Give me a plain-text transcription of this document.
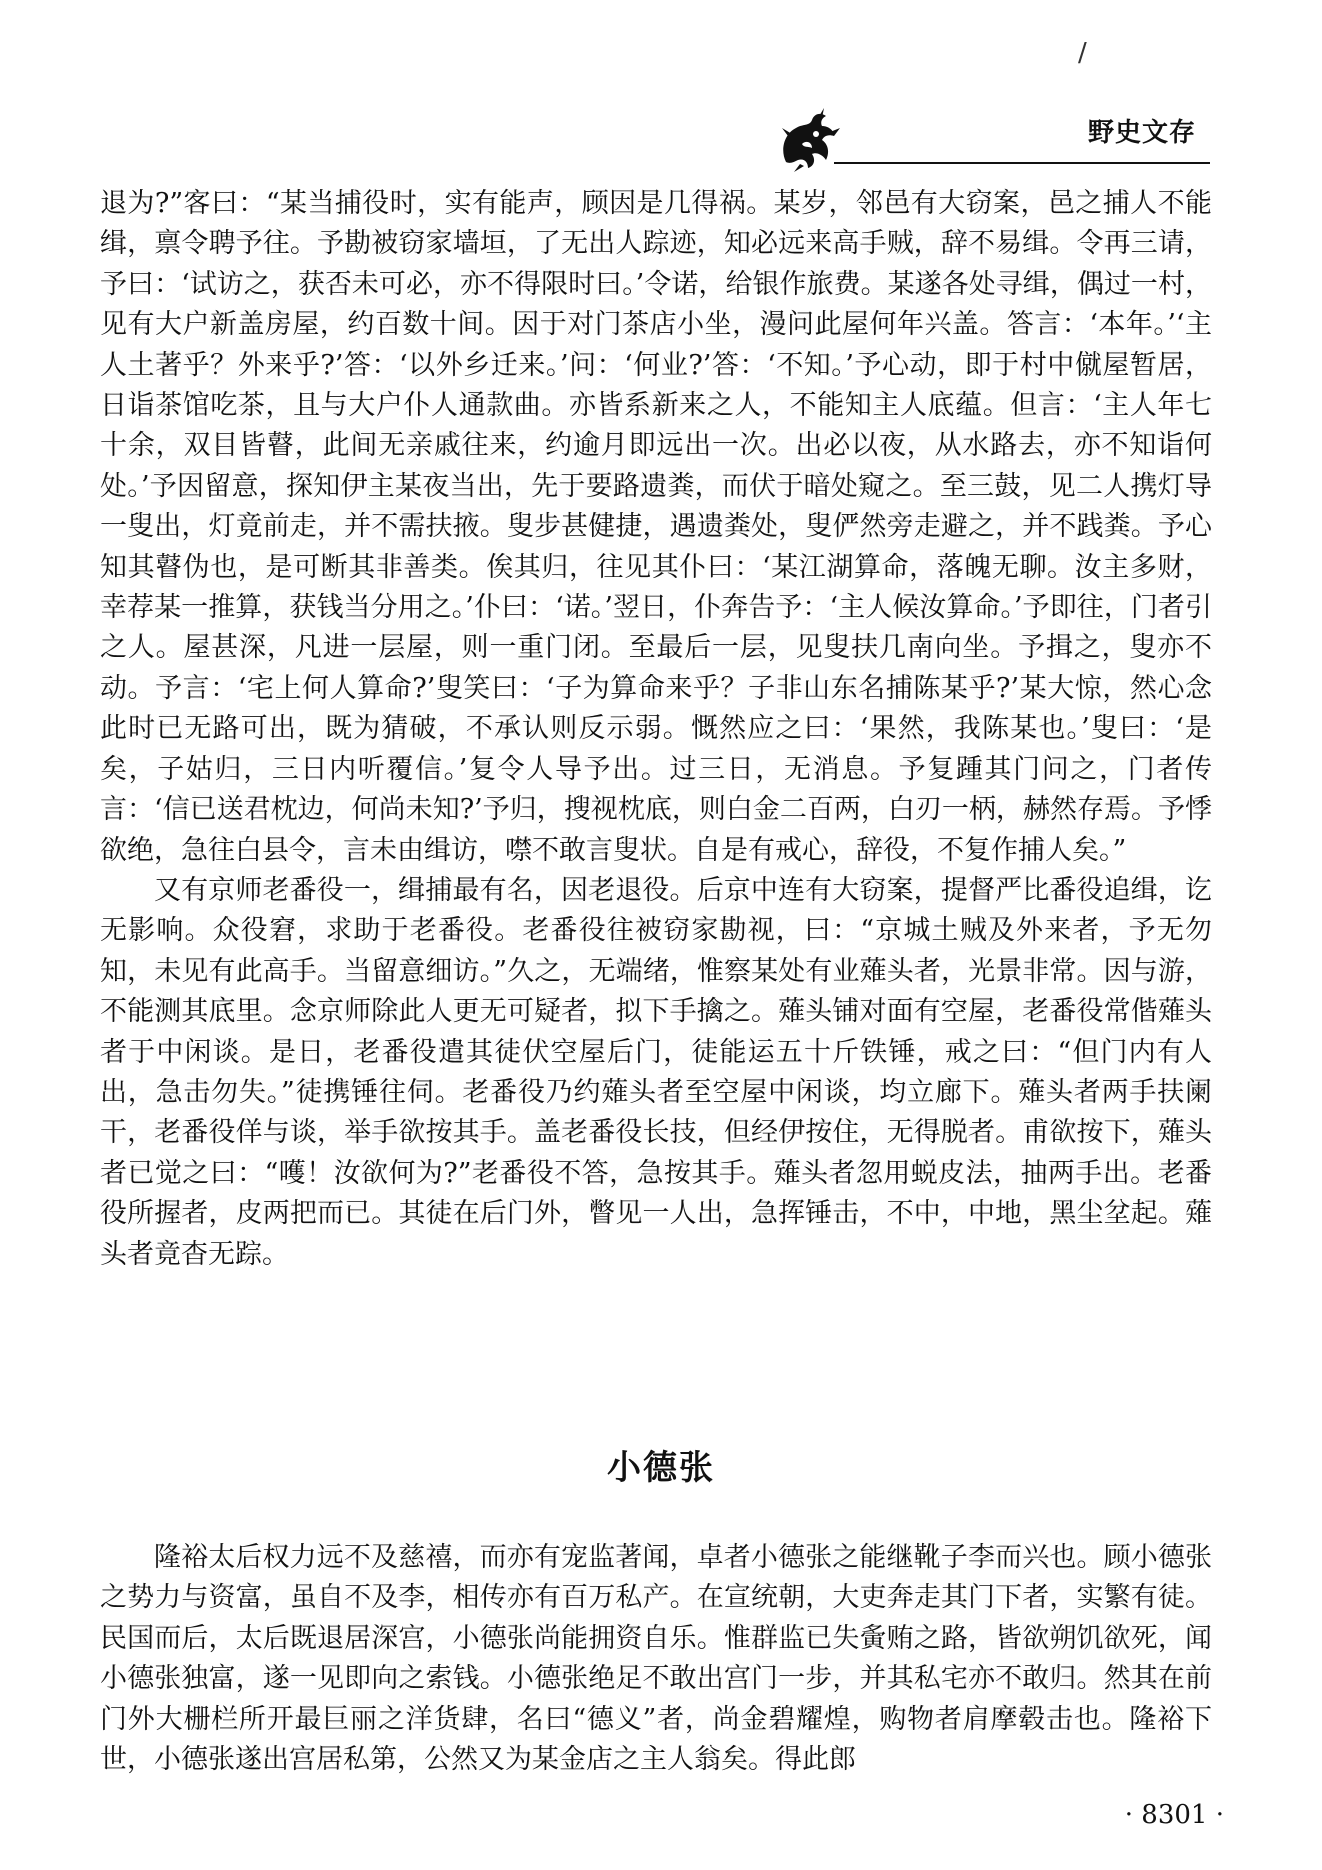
/
野史文存

退为?”客曰：“某当捕役时，实有能声，顾因是几得祸。某岁，邻邑有大窃案，邑之捕人不能缉，禀令聘予往。予勘被窃家墙垣，了无出人踪迹，知必远来高手贼，辞不易缉。令再三请，予曰：‘试访之，获否未可必，亦不得限时曰。’令诺，给银作旅费。某遂各处寻缉，偶过一村，见有大户新盖房屋，约百数十间。因于对门茶店小坐，漫问此屋何年兴盖。答言：‘本年。’‘主人土著乎？外来乎?’答：‘以外乡迁来。’问：‘何业?’答：‘不知。’予心动，即于村中僦屋暂居，日诣茶馆吃茶，且与大户仆人通款曲。亦皆系新来之人，不能知主人底蕴。但言：‘主人年七十余，双目皆瞽，此间无亲戚往来，约逾月即远出一次。出必以夜，从水路去，亦不知诣何处。’予因留意，探知伊主某夜当出，先于要路遗粪，而伏于暗处窥之。至三鼓，见二人携灯导一叟出，灯竟前走，并不需扶掖。叟步甚健捷，遇遗粪处，叟俨然旁走避之，并不践粪。予心知其瞽伪也，是可断其非善类。俟其归，往见其仆曰：‘某江湖算命，落魄无聊。汝主多财，幸荐某一推算，获钱当分用之。’仆曰：‘诺。’翌日，仆奔告予：‘主人候汝算命。’予即往，门者引之人。屋甚深，凡进一层屋，则一重门闭。至最后一层，见叟扶几南向坐。予揖之，叟亦不动。予言：‘宅上何人算命?’叟笑曰：‘子为算命来乎？子非山东名捕陈某乎?’某大惊，然心念此时已无路可出，既为猜破，不承认则反示弱。慨然应之曰：‘果然，我陈某也。’叟曰：‘是矣，子姑归，三日内听覆信。’复令人导予出。过三日，无消息。予复踵其门问之，门者传言：‘信已送君枕边，何尚未知?’予归，搜视枕底，则白金二百两，白刃一柄，赫然存焉。予悸欲绝，急往白县令，言未由缉访，噤不敢言叟状。自是有戒心，辞役，不复作捕人矣。”

又有京师老番役一，缉捕最有名，因老退役。后京中连有大窃案，提督严比番役追缉，讫无影响。众役窘，求助于老番役。老番役往被窃家勘视，曰：“京城土贼及外来者，予无勿知，未见有此高手。当留意细访。”久之，无端绪，惟察某处有业薙头者，光景非常。因与游，不能测其底里。念京师除此人更无可疑者，拟下手擒之。薙头铺对面有空屋，老番役常偕薙头者于中闲谈。是日，老番役遣其徒伏空屋后门，徒能运五十斤铁锤，戒之曰：“但门内有人出，急击勿失。”徒携锤往伺。老番役乃约薙头者至空屋中闲谈，均立廊下。薙头者两手扶阑干，老番役佯与谈，举手欲按其手。盖老番役长技，但经伊按住，无得脱者。甫欲按下，薙头者已觉之曰：“嚄！汝欲何为?”老番役不答，急按其手。薙头者忽用蜕皮法，抽两手出。老番役所握者，皮两把而已。其徒在后门外，瞥见一人出，急挥锤击，不中，中地，黑尘坌起。薙头者竟杳无踪。

小德张

隆裕太后权力远不及慈禧，而亦有宠监著闻，卓者小德张之能继靴子李而兴也。顾小德张之势力与资富，虽自不及李，相传亦有百万私产。在宣统朝，大吏奔走其门下者，实繁有徒。民国而后，太后既退居深宫，小德张尚能拥资自乐。惟群监已失夤贿之路，皆欲朔饥欲死，闻小德张独富，遂一见即向之索钱。小德张绝足不敢出宫门一步，并其私宅亦不敢归。然其在前门外大栅栏所开最巨丽之洋货肆，名曰“德义”者，尚金碧耀煌，购物者肩摩毂击也。隆裕下世，小德张遂出宫居私第，公然又为某金店之主人翁矣。得此郎

· 8301 ·
